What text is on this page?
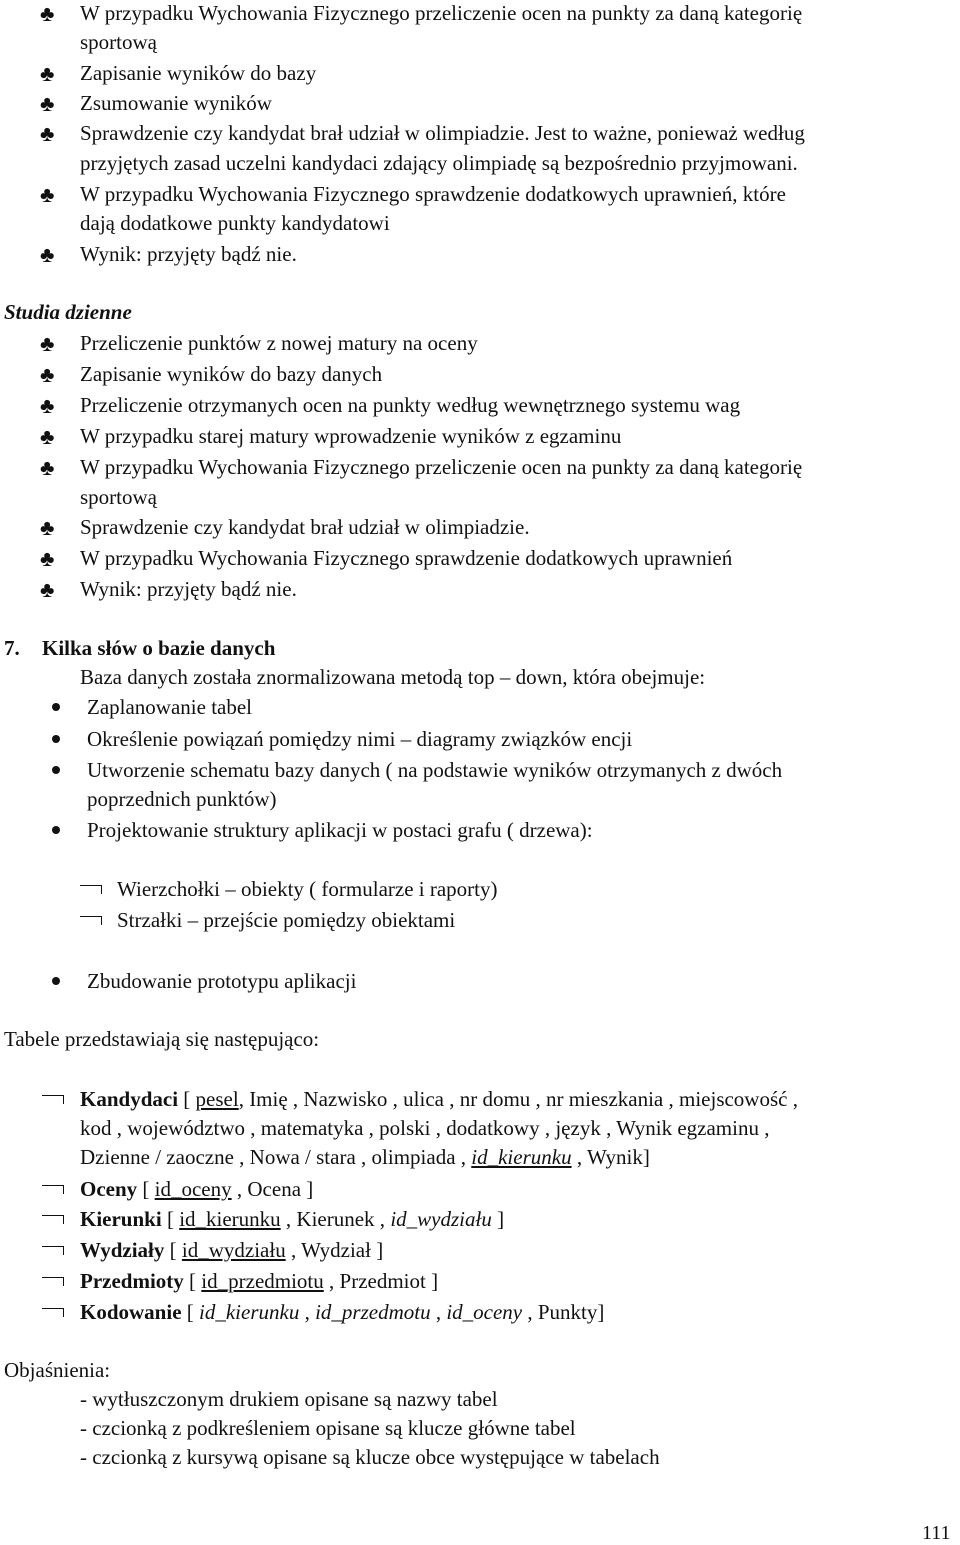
♣ W przypadku Wychowania Fizycznego przeliczenie ocen na punkty za daną kategorię
sportową
♣ Zapisanie wyników do bazy
♣ Zsumowanie wyników
♣ Sprawdzenie czy kandydat brał udział w olimpiadzie. Jest to ważne, ponieważ według
przyjętych zasad uczelni kandydaci zdający olimpiadę są bezpośrednio przyjmowani.
♣ W przypadku Wychowania Fizycznego sprawdzenie dodatkowych uprawnień, które
dają dodatkowe punkty kandydatowi
♣ Wynik: przyjęty bądź nie.
Studia dzienne
♣ Przeliczenie punktów z nowej matury na oceny
♣ Zapisanie wyników do bazy danych
♣ Przeliczenie otrzymanych ocen na punkty według wewnętrznego systemu wag
♣ W przypadku starej matury wprowadzenie wyników z egzaminu
♣ W przypadku Wychowania Fizycznego przeliczenie ocen na punkty za daną kategorię
sportową
♣ Sprawdzenie czy kandydat brał udział w olimpiadzie.
♣ W przypadku Wychowania Fizycznego sprawdzenie dodatkowych uprawnień
♣ Wynik: przyjęty bądź nie.
7. Kilka słów o bazie danych
Baza danych została znormalizowana metodą top – down, która obejmuje:
Zaplanowanie tabel
Określenie powiązań pomiędzy nimi – diagramy związków encji
Utworzenie schematu bazy danych ( na podstawie wyników otrzymanych z dwóch
poprzednich punktów)
Projektowanie struktury aplikacji w postaci grafu ( drzewa):
Wierzchołki – obiekty ( formularze i raporty)
Strzałki – przejście pomiędzy obiektami
Zbudowanie prototypu aplikacji
Tabele przedstawiają się następująco:
Kandydaci [ pesel, Imię , Nazwisko , ulica , nr domu , nr mieszkania , miejscowość ,
kod , województwo , matematyka , polski , dodatkowy , język , Wynik egzaminu ,
Dzienne / zaoczne , Nowa / stara , olimpiada , id_kierunku , Wynik]
Oceny [ id_oceny , Ocena ]
Kierunki [ id_kierunku , Kierunek , id_wydziału ]
Wydziały [ id_wydziału , Wydział ]
Przedmioty [ id_przedmiotu , Przedmiot ]
Kodowanie [ id_kierunku , id_przedmotu , id_oceny , Punkty]
Objaśnienia:
- wytłuszczonym drukiem opisane są nazwy tabel
- czcionką z podkreśleniem opisane są klucze główne tabel
- czcionką z kursywą opisane są klucze obce występujące w tabelach
111
